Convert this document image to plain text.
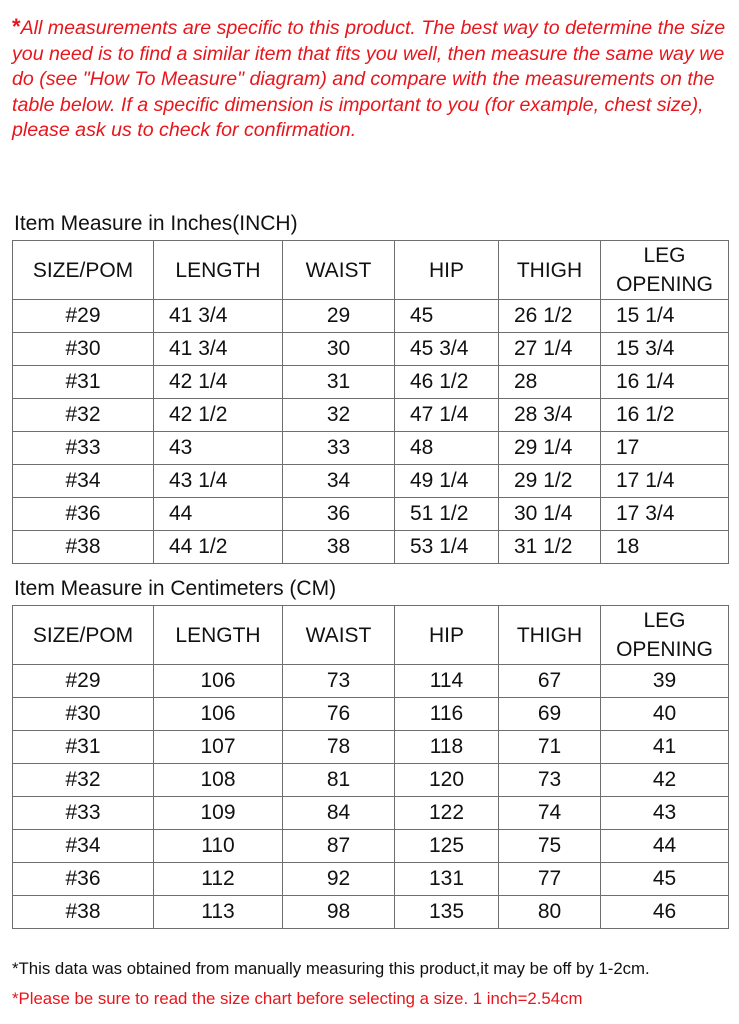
*All measurements are specific to this product. The best way to determine the size you need is to find a similar item that fits you well, then measure the same way we do (see "How To Measure" diagram) and compare with the measurements on the table below. If a specific dimension is important to you (for example, chest size), please ask us to check for confirmation.
Item Measure in Inches(INCH)
SIZE/POM	LENGTH	WAIST	HIP	THIGH	LEG
OPENING
#29	41 3/4	29	45	26 1/2	15 1/4
#30	41 3/4	30	45 3/4	27 1/4	15 3/4
#31	42 1/4	31	46 1/2	28	16 1/4
#32	42 1/2	32	47 1/4	28 3/4	16 1/2
#33	43	33	48	29 1/4	17
#34	43 1/4	34	49 1/4	29 1/2	17 1/4
#36	44	36	51 1/2	30 1/4	17 3/4
#38	44 1/2	38	53 1/4	31 1/2	18
Item Measure in Centimeters (CM)
SIZE/POM	LENGTH	WAIST	HIP	THIGH	LEG
OPENING
#29	106	73	114	67	39
#30	106	76	116	69	40
#31	107	78	118	71	41
#32	108	81	120	73	42
#33	109	84	122	74	43
#34	110	87	125	75	44
#36	112	92	131	77	45
#38	113	98	135	80	46
*This data was obtained from manually measuring this product,it may be off by 1-2cm.
*Please be sure to read the size chart before selecting a size. 1 inch=2.54cm
